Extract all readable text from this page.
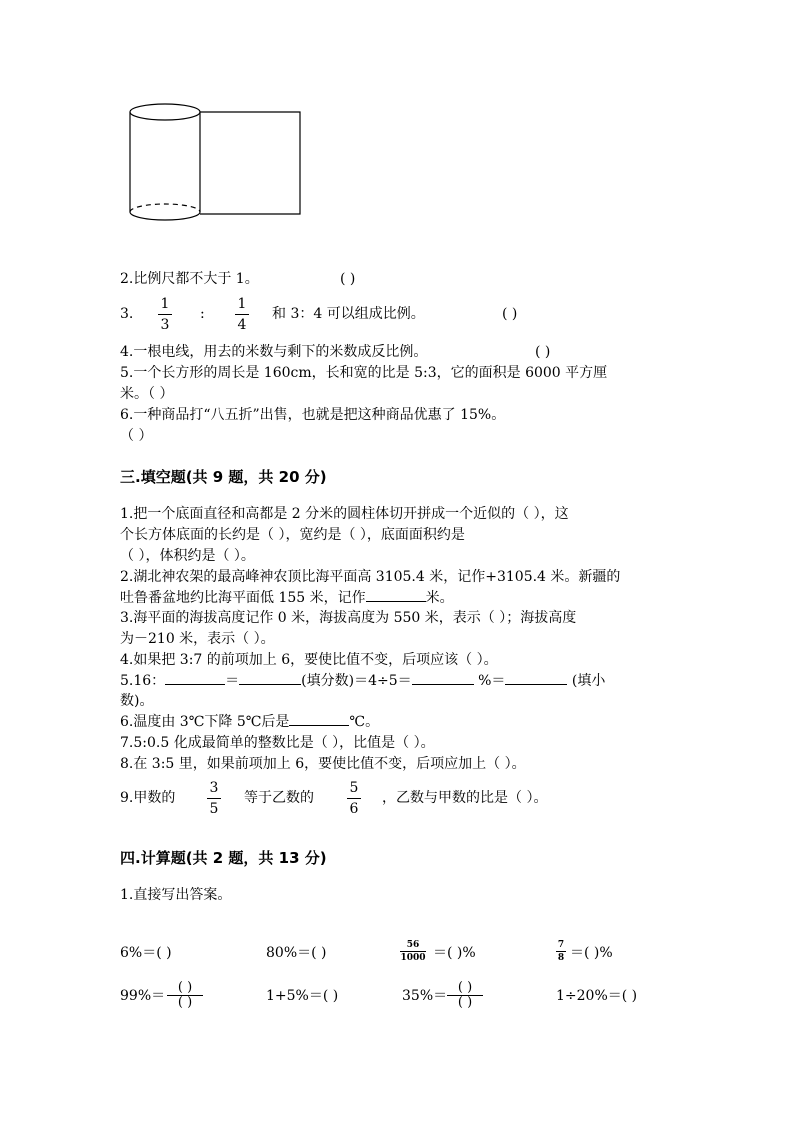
2.比例尺都不大于 1。	( )
3.
1
3
:
1
4
和 3：4 可以组成比例。	( )
4.一根电线，用去的米数与剩下的米数成反比例。	( )
5.一个长方形的周长是 160cm，长和宽的比是 5:3，它的面积是 6000 平方厘
米。（ ）
6.一种商品打“八五折”出售，也就是把这种商品优惠了 15%。
（ ）
三.填空题(共 9 题，共 20 分)
1.把一个底面直径和高都是 2 分米的圆柱体切开拼成一个近似的（ ），这
个长方体底面的长约是（ ），宽约是（ ），底面面积约是
（ ），体积约是（ ）。
2.湖北神农架的最高峰神农顶比海平面高 3105.4 米，记作+3105.4 米。新疆的
吐鲁番盆地约比海平面低 155 米，记作	米。
3.海平面的海拔高度记作 0 米，海拔高度为 550 米，表示（ ）；海拔高度
为－210 米，表示（ ）。
4.如果把 3:7 的前项加上 6，要使比值不变，后项应该（ ）。
5.16：	＝	(填分数)＝4÷5＝	%＝	(填小
数)。
6.温度由 3℃下降 5℃后是	℃。
7.5:0.5 化成最简单的整数比是（ ），比值是（ ）。
8.在 3:5 里，如果前项加上 6，要使比值不变，后项应加上（ ）。
9.甲数的
3
5
等于乙数的
5
6
，乙数与甲数的比是（ ）。
四.计算题(共 2 题，共 13 分)
1.直接写出答案。
6%＝( )	80%＝( )	56
1000 ＝( )%	7
8 ＝( )%
99%＝
( )
( )	1+5%＝( )	35%＝
( )
( )	1÷20%＝( )
